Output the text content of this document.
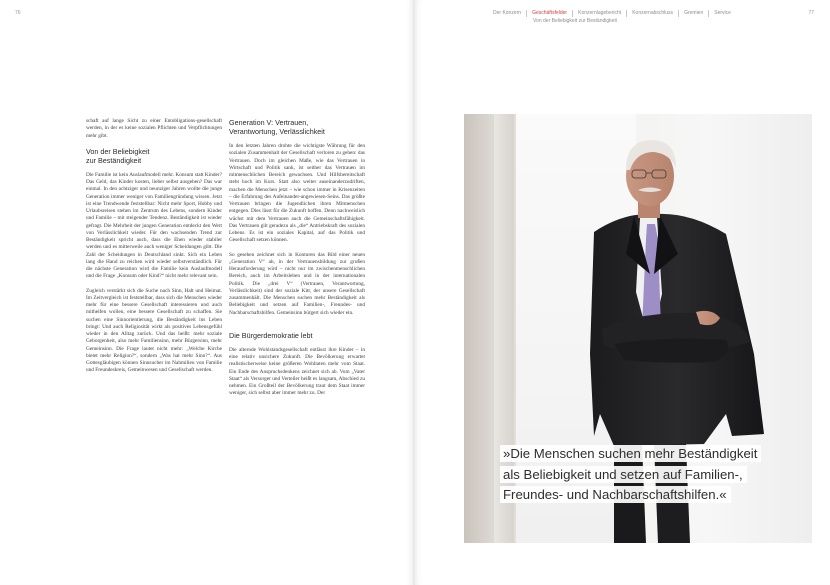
76	77
Der Konzern	Geschäftsfelder	Konzernlagebericht	Konzernabschluss	Gremien	Service
Von der Beliebigkeit zur Beständigkeit

schaft auf lange Sicht zu einer Entobligations-gesellschaft werden, in der es keine sozialen Pflichten und Verpflichtungen mehr gibt.

Von der Beliebigkeit
zur Beständigkeit

Die Familie ist kein Auslaufmodell mehr. Konsum statt Kinder? Das Geld, das Kinder kosten, lieber selbst ausgeben? Das war einmal. In den achtziger und neunziger Jahren wollte die junge Generation immer weniger von Familiengründung wissen. Jetzt ist eine Trendwende feststellbar: Nicht mehr Sport, Hobby und Urlaubsreisen stehen im Zentrum des Lebens, sondern Kinder und Familie – mit steigender Tendenz. Beständigkeit ist wieder gefragt. Die Mehrheit der jungen Generation entdeckt den Wert von Verlässlichkeit wieder. Für den wachsenden Trend zur Beständigkeit spricht auch, dass die Ehen wieder stabiler werden und es mitterweile auch weniger Scheidungen gibt. Die Zahl der Scheidungen in Deutschland sinkt. Sich ein Leben lang die Hand zu reichen wird wieder selbstverständlich. Für die nächste Generation wird die Familie kein Auslaufmodell und die Frage „Konsum oder Kind?“ nicht mehr relevant sein.

Zugleich verstärkt sich die Suche nach Sinn, Halt und Heimat. Im Zeitvergleich ist feststellbar, dass sich die Menschen wieder mehr für eine bessere Gesellschaft interessieren und auch mithelfen wollen, eine bessere Gesellschaft zu schaffen. Sie suchen eine Sinnorientierung, die Beständigkeit ins Leben bringt: Und auch Religiosität wirkt als positives Lebensgefühl wieder in den Alltag zurück. Und das heißt: mehr soziale Geborgenheit, also mehr Familiensinn, mehr Bürgersinn, mehr Gemeinsinn. Die Frage lautet nicht mehr: „Welche Kirche bietet mehr Religion?“, sondern „Was hat mehr Sinn?“. Aus Gottesgläubigen können Sinnsucher im Nahmilieu von Familie und Freundeskreis, Gemeinwesen und Gesellschaft werden.

Generation V: Vertrauen,
Verantwortung, Verlässlichkeit

In den letzten Jahren drohte die wichtigste Währung für den sozialen Zusammenhalt der Gesellschaft verloren zu gehen: das Vertrauen. Doch im gleichen Maße, wie das Vertrauen in Wirtschaft und Politik sank, ist seither das Vertrauen im mitmenschlichen Bereich gewachsen. Und Hilfsbereitschaft steht hoch im Kurs. Statt also weiter auseinanderzudriften, machen die Menschen jetzt – wie schon immer in Krisenzeiten – die Erfahrung des Aufeinander-angewiesen-Seins. Das größte Vertrauen bringen die Jugendlichen ihren Mitmenschen entgegen. Dies lässt für die Zukunft hoffen. Denn nachweislich wächst mit dem Vertrauen auch die Gemeinschaftsfähigkeit. Das Vertrauen gilt geradezu als „die“ Antriebskraft des sozialen Lebens. Es ist ein soziales Kapital, auf das Politik und Gesellschaft setzen können.

So gesehen zeichnet sich in Konturen das Bild einer neuen „Generation V“ ab, in der Vertrauensbildung zur großen Herausforderung wird – nicht nur im zwischenmenschlichen Bereich, auch im Arbeitsleben und in der internationalen Politik. Die „drei V“ (Vertrauen, Verantwortung, Verlässlichkeit) sind der soziale Kitt, der unsere Gesellschaft zusammenhält. Die Menschen suchen mehr Beständigkeit als Beliebigkeit und setzen auf Familien-, Freundes- und Nachbarschaftshilfen. Gemeinsinn bürgert sich wieder ein.

Die Bürgerdemokratie lebt

Die alternde Wohlstandsgesellschaft entlässt ihre Kinder – in eine relativ unsichere Zukunft. Die Bevölkerung erwartet realistischerweise keine größeren Wohltaten mehr vom Staat. Ein Ende des Anspruchsdenkens zeichnet sich ab. Vom „Vater Staat“ als Versorger und Verteiler heißt es langsam, Abschied zu nehmen. Ein Großteil der Bevölkerung traut dem Staat immer weniger, sich selbst aber immer mehr zu. Der

»Die Menschen suchen mehr Beständigkeit
als Beliebigkeit und setzen auf Familien-,
Freundes- und Nachbarschaftshilfen.«
